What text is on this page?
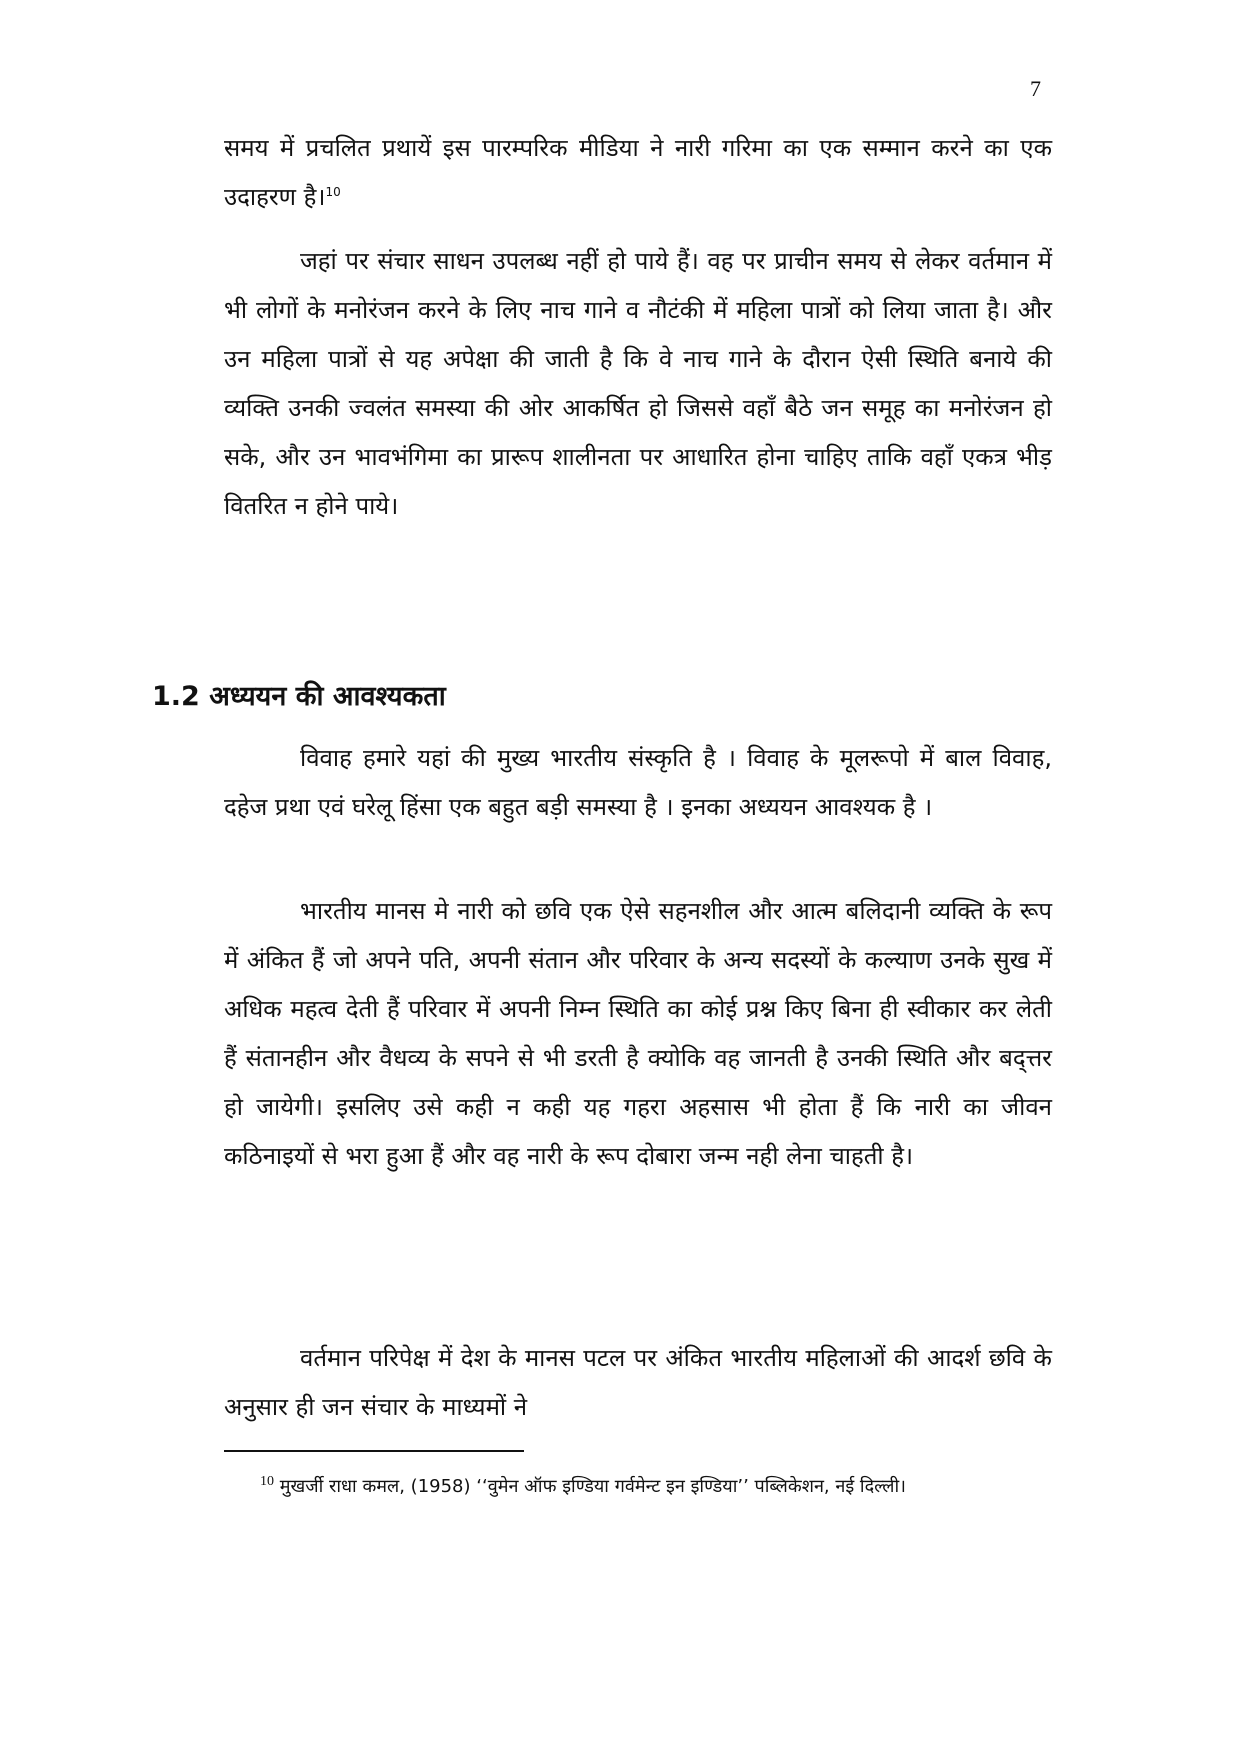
7

समय में प्रचलित प्रथायें इस पारम्परिक मीडिया ने नारी गरिमा का एक सम्मान करने का एक उदाहरण है।$^{10}$

जहां पर संचार साधन उपलब्ध नहीं हो पाये हैं। वह पर प्राचीन समय से लेकर वर्तमान में भी लोगों के मनोरंजन करने के लिए नाच गाने व नौटंकी में महिला पात्रों को लिया जाता है। और उन महिला पात्रों से यह अपेक्षा की जाती है कि वे नाच गाने के दौरान ऐसी स्थिति बनाये की व्यक्ति उनकी ज्वलंत समस्या की ओर आकर्षित हो जिससे वहाँ बैठे जन समूह का मनोरंजन हो सके, और उन भावभंगिमा का प्रारूप शालीनता पर आधारित होना चाहिए ताकि वहाँ एकत्र भीड़ वितरित न होने पाये।

1.2 अध्ययन की आवश्यकता

विवाह हमारे यहां की मुख्य भारतीय संस्कृति है । विवाह के मूलरूपो में बाल विवाह, दहेज प्रथा एवं घरेलू हिंसा एक बहुत बड़ी समस्या है । इनका अध्ययन आवश्यक है ।

भारतीय मानस मे नारी को छवि एक ऐसे सहनशील और आत्म बलिदानी व्यक्ति के रूप में अंकित हैं जो अपने पति, अपनी संतान और परिवार के अन्य सदस्यों के कल्याण उनके सुख में अधिक महत्व देती हैं परिवार में अपनी निम्न स्थिति का कोई प्रश्न किए बिना ही स्वीकार कर लेती हैं संतानहीन और वैधव्य के सपने से भी डरती है क्योकि वह जानती है उनकी स्थिति और बद्त्तर हो जायेगी। इसलिए उसे कही न कही यह गहरा अहसास भी होता हैं कि नारी का जीवन कठिनाइयों से भरा हुआ हैं और वह नारी के रूप दोबारा जन्म नही लेना चाहती है।

वर्तमान परिपेक्ष में देश के मानस पटल पर अंकित भारतीय महिलाओं की आदर्श छवि के अनुसार ही जन संचार के माध्यमों ने

$^{10}$ मुखर्जी राधा कमल, (1958) ‘‘वुमेन ऑफ इण्डिया गर्वमेन्ट इन इण्डिया’’ पब्लिकेशन, नई दिल्ली।
